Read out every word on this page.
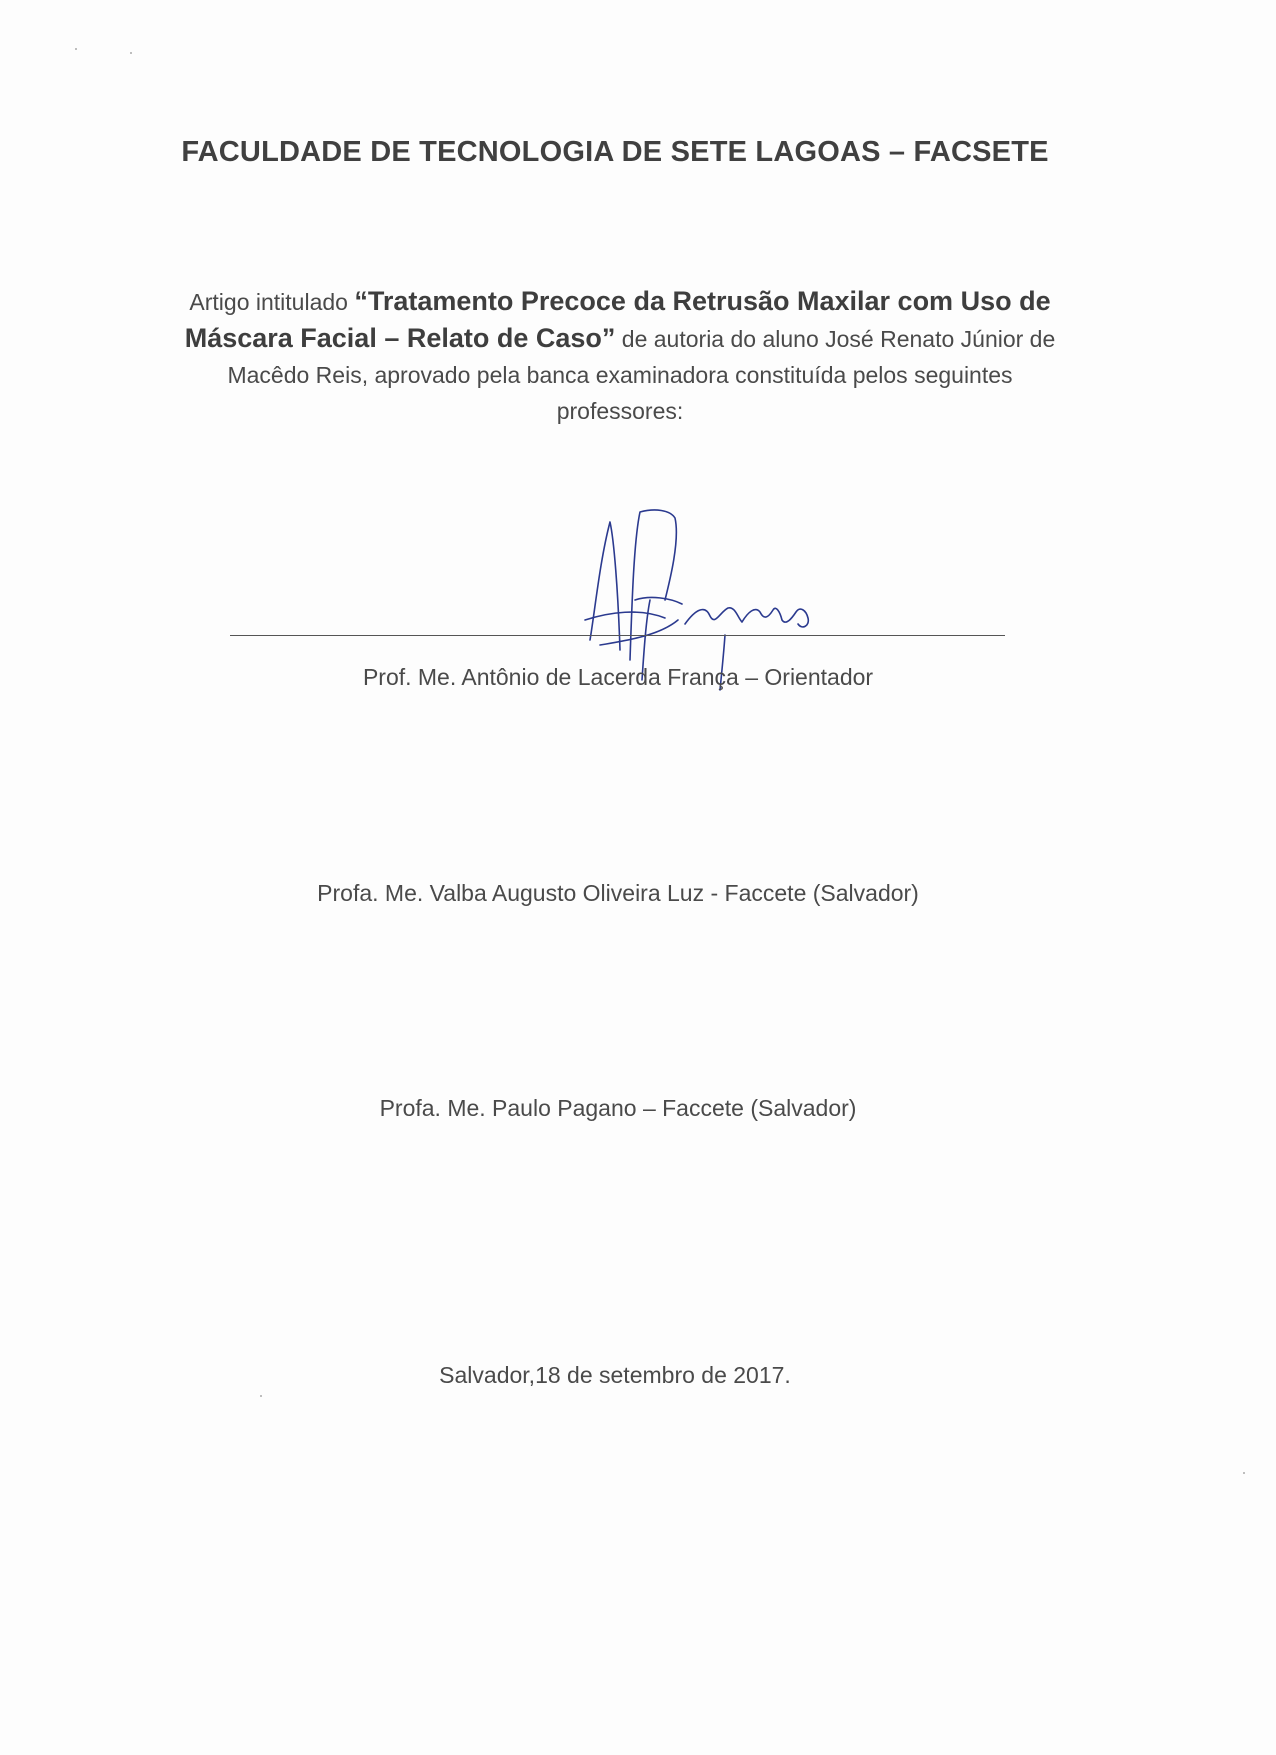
FACULDADE DE TECNOLOGIA DE SETE LAGOAS – FACSETE
Artigo intitulado “Tratamento Precoce da Retrusão Maxilar com Uso de Máscara Facial – Relato de Caso” de autoria do aluno José Renato Júnior de Macêdo Reis, aprovado pela banca examinadora constituída pelos seguintes professores:
Prof. Me. Antônio de Lacerda França – Orientador
Profa. Me. Valba Augusto Oliveira Luz - Faccete (Salvador)
Profa. Me. Paulo Pagano – Faccete (Salvador)
Salvador,18 de setembro de 2017.
